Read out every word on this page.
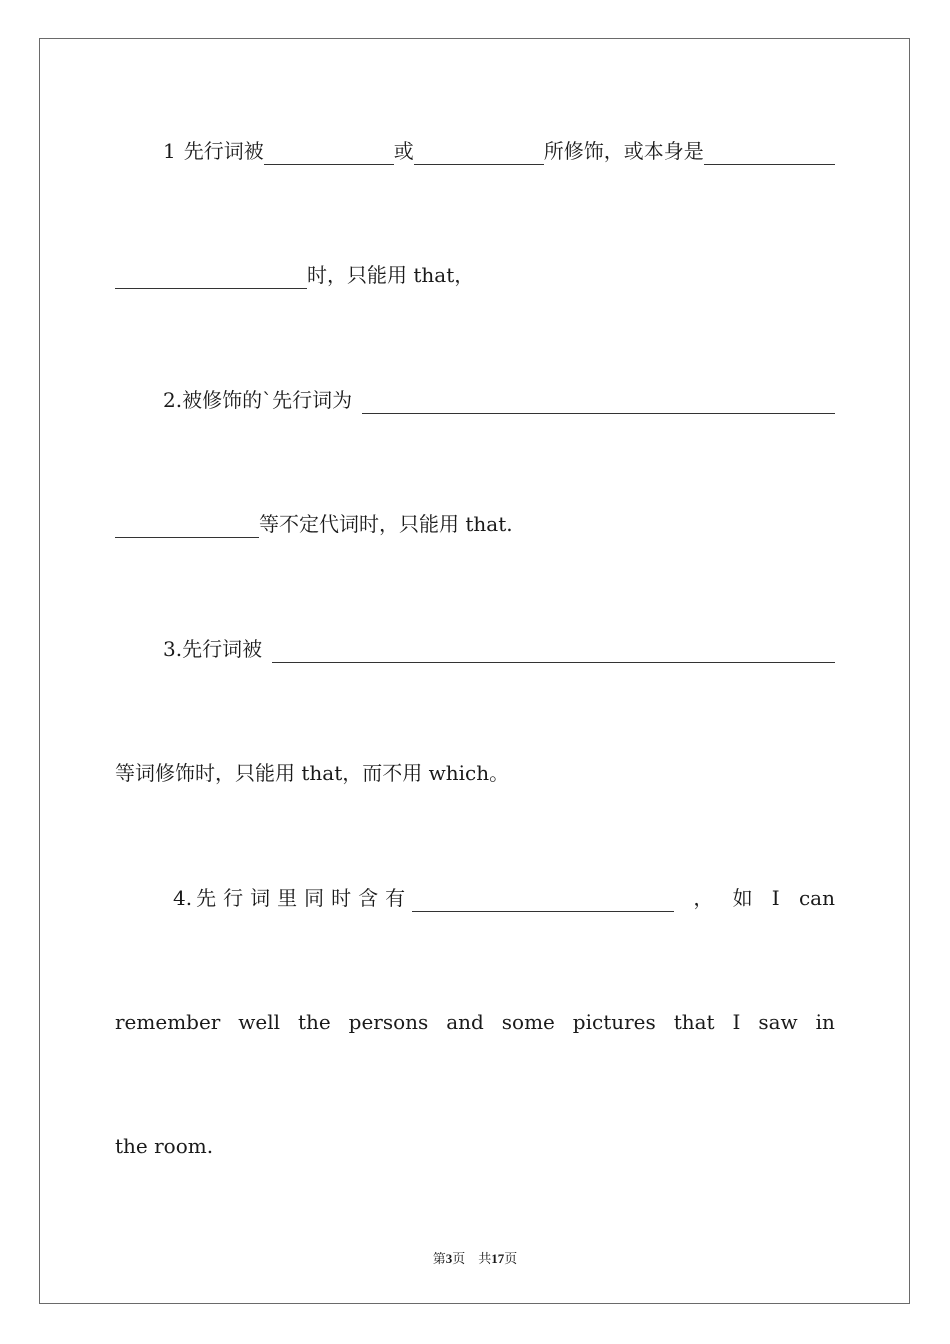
1 先行词被	或	所修饰，或本身是
时，只能用 that，
2. 被修饰的`先行词为
等不定代词时，只能用 that.
3. 先行词被
等词修饰时，只能用 that，而不用 which。
4. 先行词里同时含有	， 如 I can
remember well the persons and some pictures that I saw in
the room.
第3页 共17页
